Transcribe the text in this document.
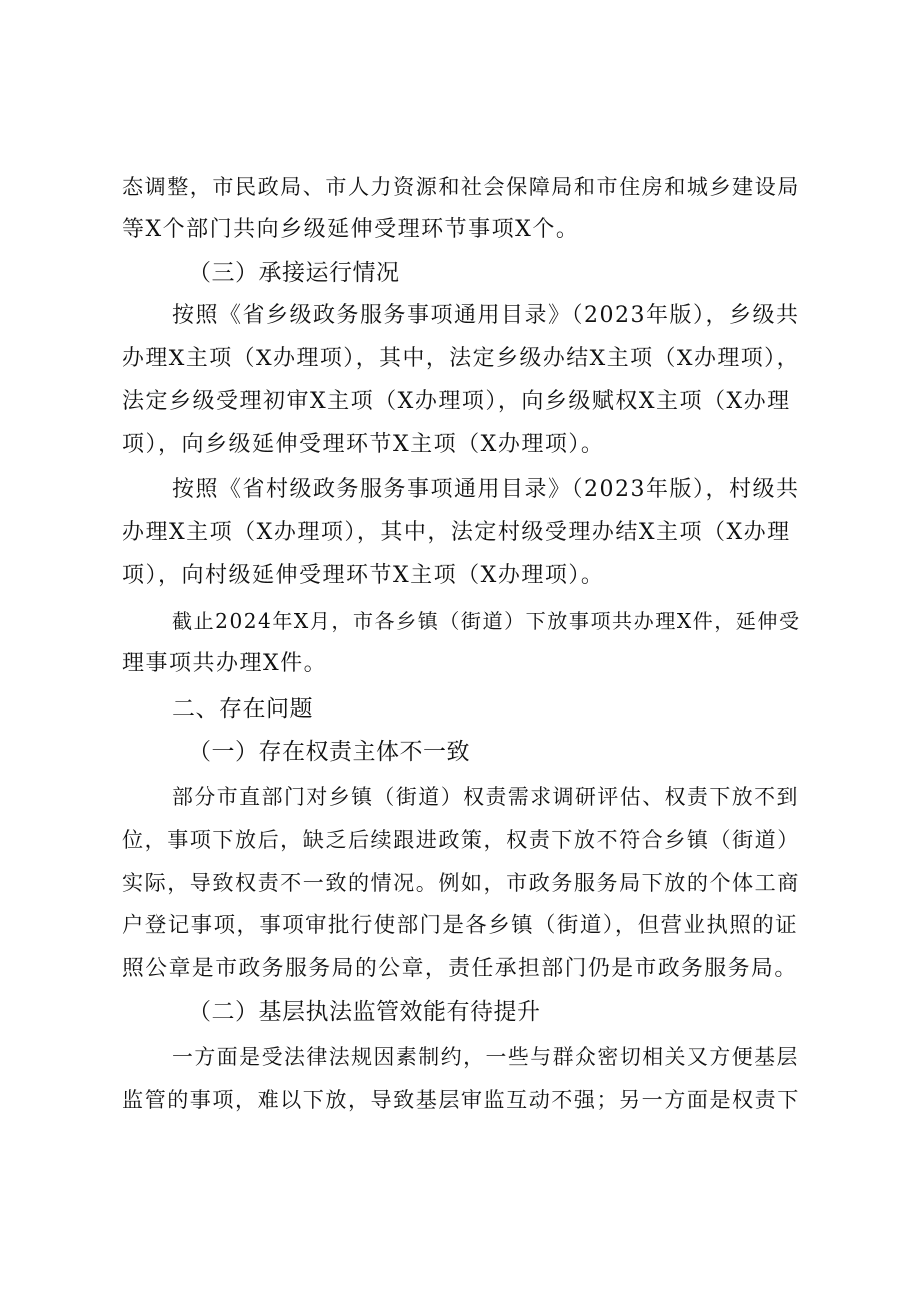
态调整，市民政局、市人力资源和社会保障局和市住房和城乡建设局
等X个部门共向乡级延伸受理环节事项X个。
（三）承接运行情况
按照《省乡级政务服务事项通用目录》（2023年版），乡级共
办理X主项（X办理项），其中，法定乡级办结X主项（X办理项），
法定乡级受理初审X主项（X办理项），向乡级赋权X主项（X办理
项），向乡级延伸受理环节X主项（X办理项）。
按照《省村级政务服务事项通用目录》（2023年版），村级共
办理X主项（X办理项），其中，法定村级受理办结X主项（X办理
项），向村级延伸受理环节X主项（X办理项）。
截止2024年X月，市各乡镇（街道）下放事项共办理X件，延伸受
理事项共办理X件。
二、存在问题
（一）存在权责主体不一致
部分市直部门对乡镇（街道）权责需求调研评估、权责下放不到
位，事项下放后，缺乏后续跟进政策，权责下放不符合乡镇（街道）
实际，导致权责不一致的情况。例如，市政务服务局下放的个体工商
户登记事项，事项审批行使部门是各乡镇（街道），但营业执照的证
照公章是市政务服务局的公章，责任承担部门仍是市政务服务局。
（二）基层执法监管效能有待提升
一方面是受法律法规因素制约，一些与群众密切相关又方便基层
监管的事项，难以下放，导致基层审监互动不强；另一方面是权责下
